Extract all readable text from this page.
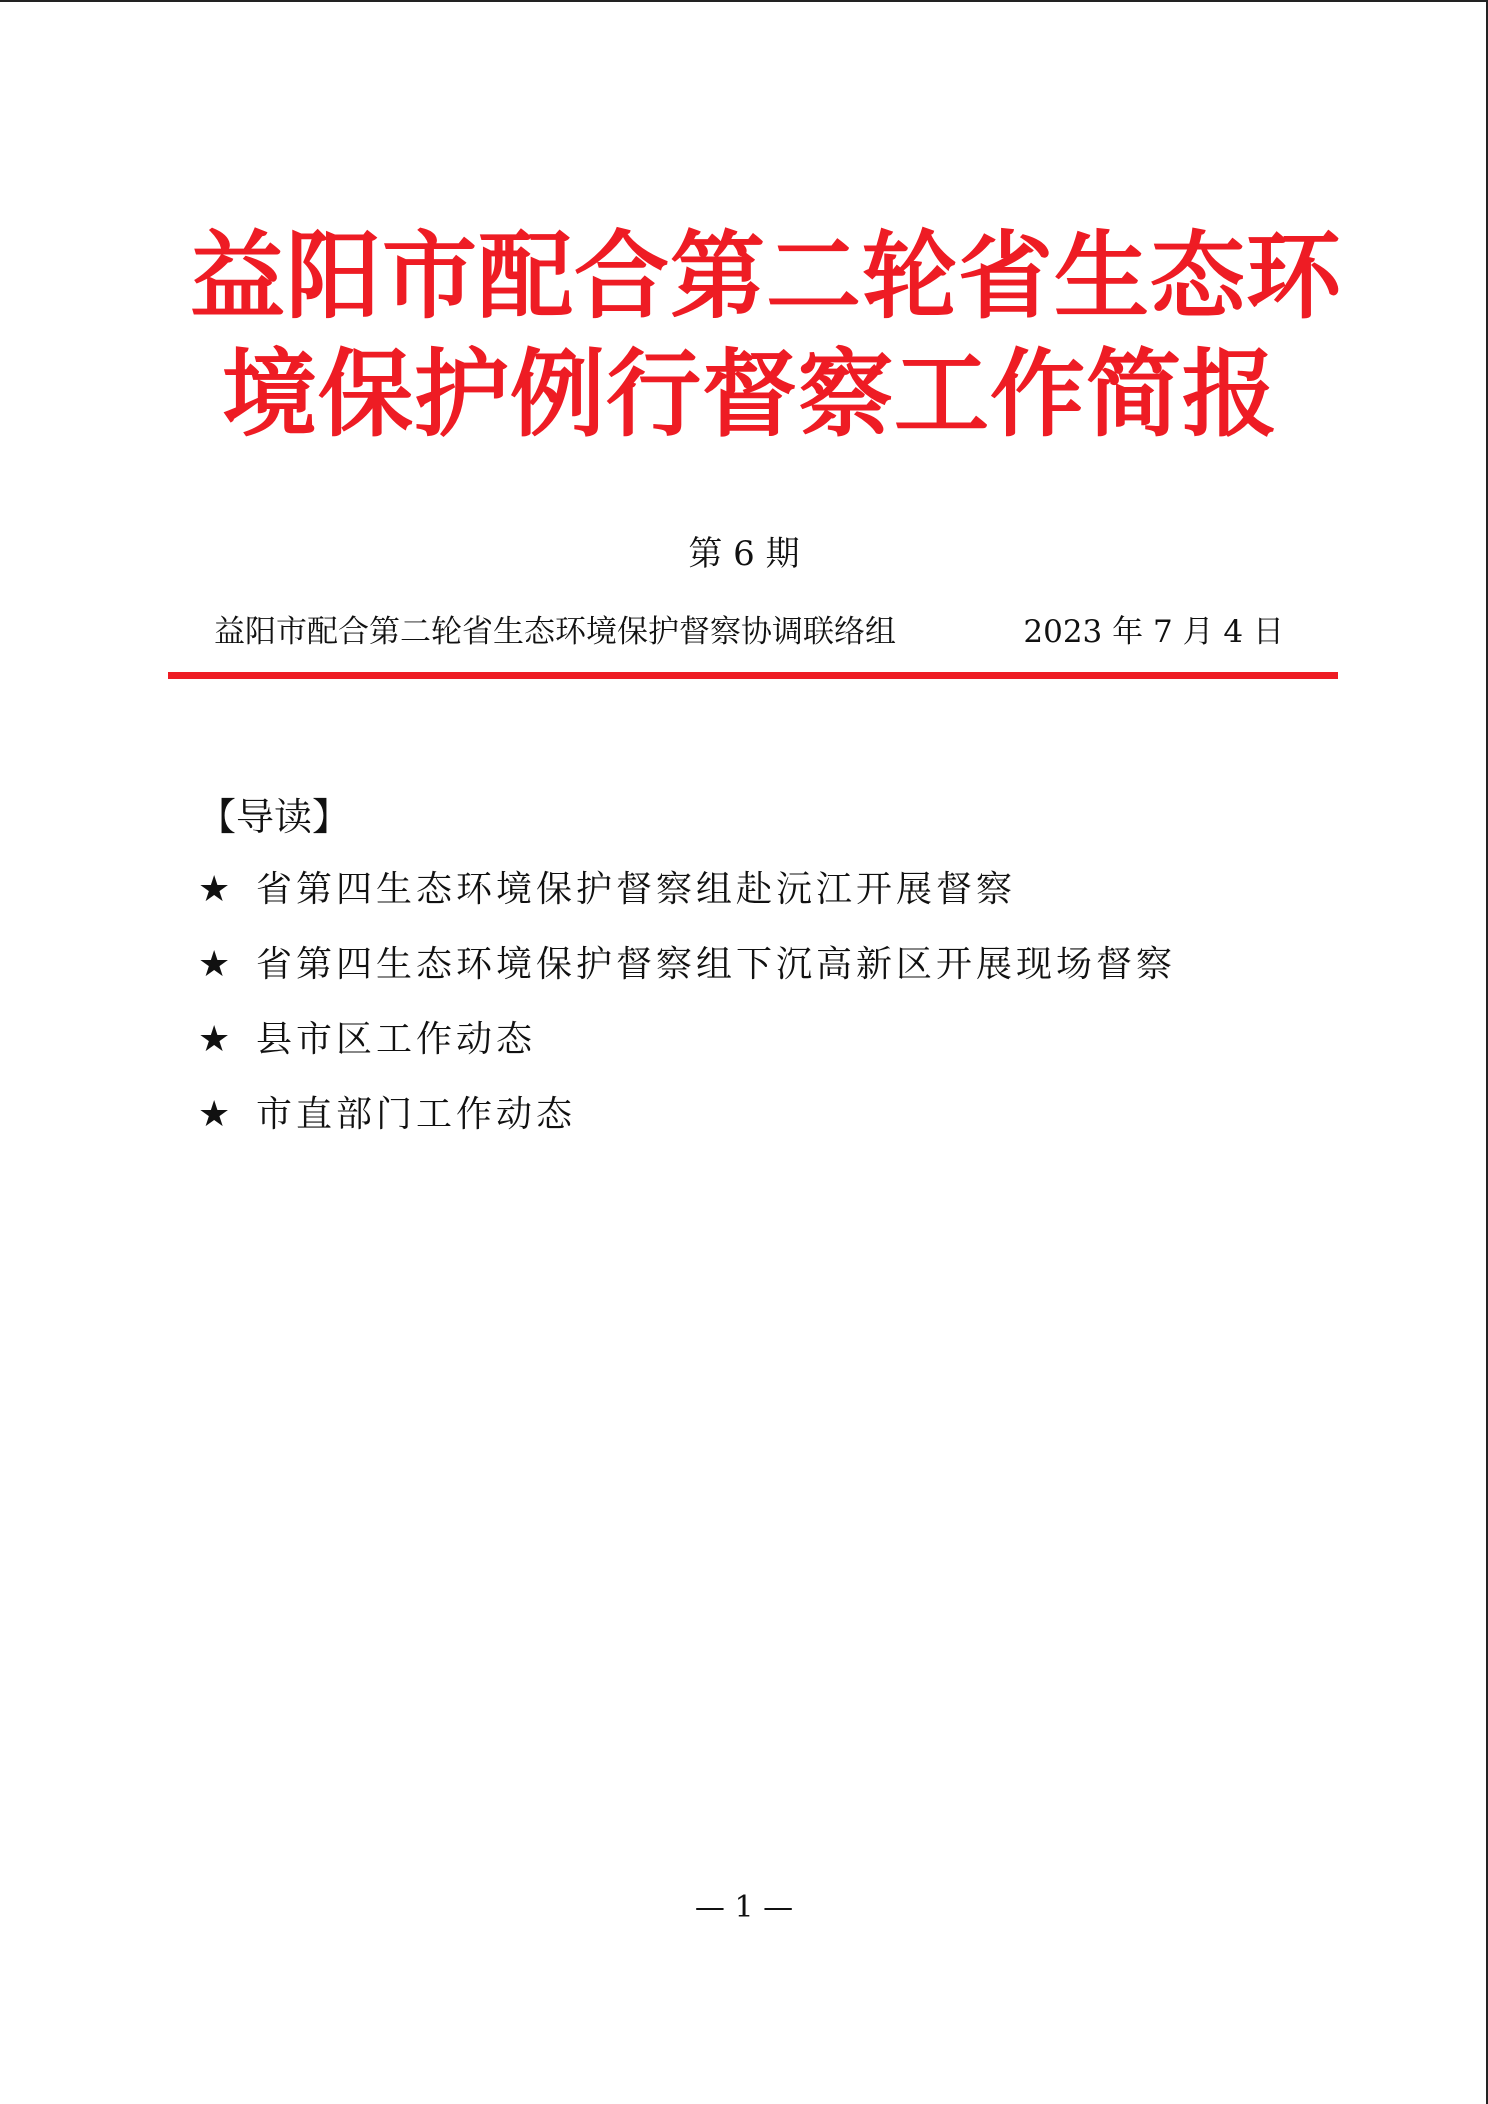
益阳市配合第二轮省生态环
境保护例行督察工作简报
第 6 期
益阳市配合第二轮省生态环境保护督察协调联络组	2023 年 7 月 4 日
【导读】
★ 省第四生态环境保护督察组赴沅江开展督察
★ 省第四生态环境保护督察组下沉高新区开展现场督察
★ 县市区工作动态
★ 市直部门工作动态
— 1 —
